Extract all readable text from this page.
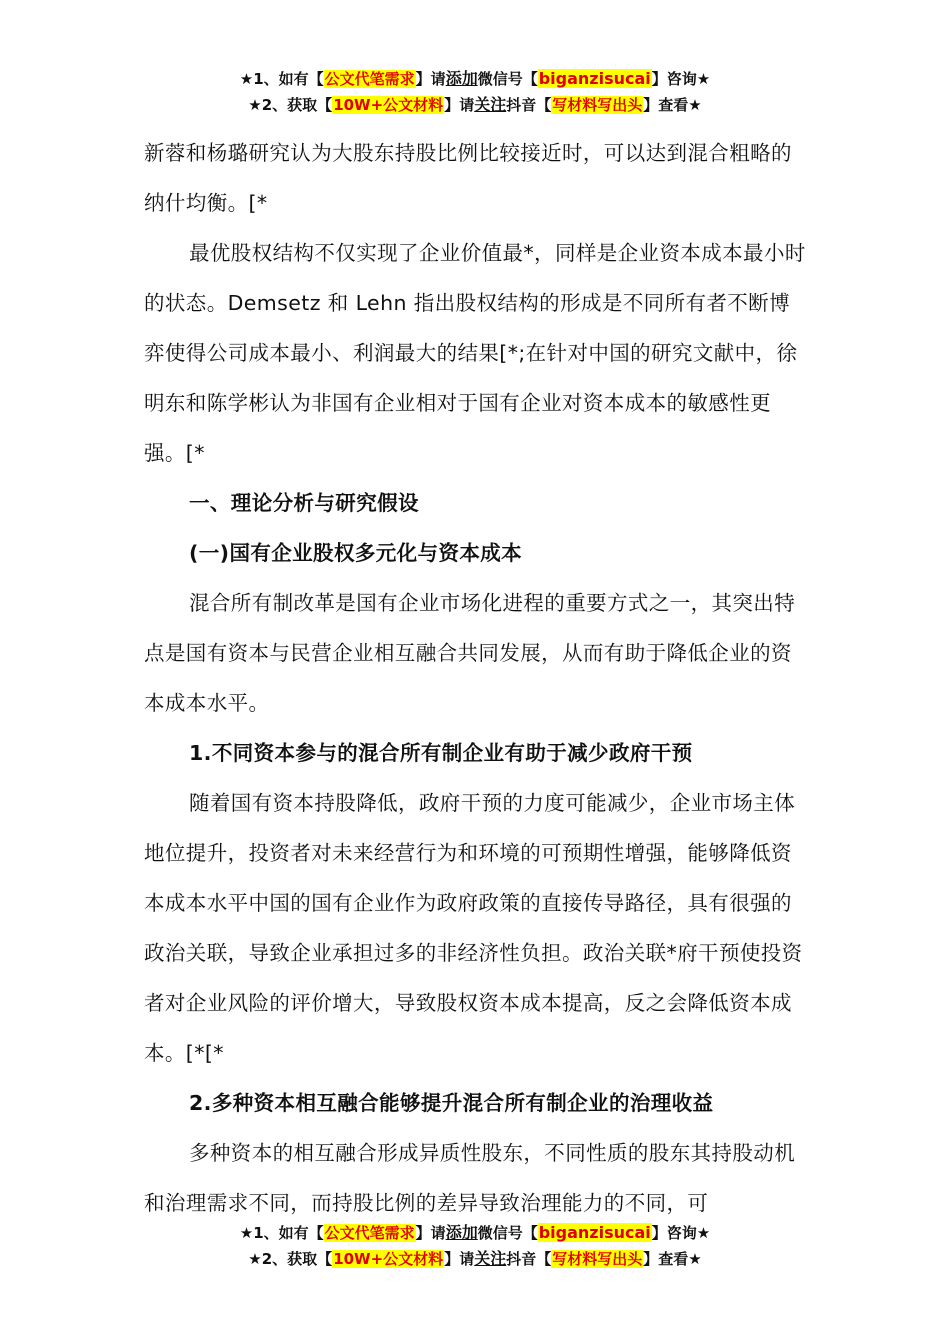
★1、如有【公文代笔需求】请添加微信号【biganzisucai】咨询★
★2、获取【10W+公文材料】请关注抖音【写材料写出头】查看★

新蓉和杨璐研究认为大股东持股比例比较接近时，可以达到混合粗略的纳什均衡。[*

最优股权结构不仅实现了企业价值最*，同样是企业资本成本最小时的状态。Demsetz 和 Lehn 指出股权结构的形成是不同所有者不断博弈使得公司成本最小、利润最大的结果[*;在针对中国的研究文献中，徐明东和陈学彬认为非国有企业相对于国有企业对资本成本的敏感性更强。[*

一、理论分析与研究假设

(一)国有企业股权多元化与资本成本

混合所有制改革是国有企业市场化进程的重要方式之一，其突出特点是国有资本与民营企业相互融合共同发展，从而有助于降低企业的资本成本水平。

1.不同资本参与的混合所有制企业有助于减少政府干预

随着国有资本持股降低，政府干预的力度可能减少，企业市场主体地位提升，投资者对未来经营行为和环境的可预期性增强，能够降低资本成本水平中国的国有企业作为政府政策的直接传导路径，具有很强的政治关联，导致企业承担过多的非经济性负担。政治关联*府干预使投资者对企业风险的评价增大，导致股权资本成本提高，反之会降低资本成本。[*[*

2.多种资本相互融合能够提升混合所有制企业的治理收益

多种资本的相互融合形成异质性股东，不同性质的股东其持股动机和治理需求不同，而持股比例的差异导致治理能力的不同，可

★1、如有【公文代笔需求】请添加微信号【biganzisucai】咨询★
★2、获取【10W+公文材料】请关注抖音【写材料写出头】查看★
